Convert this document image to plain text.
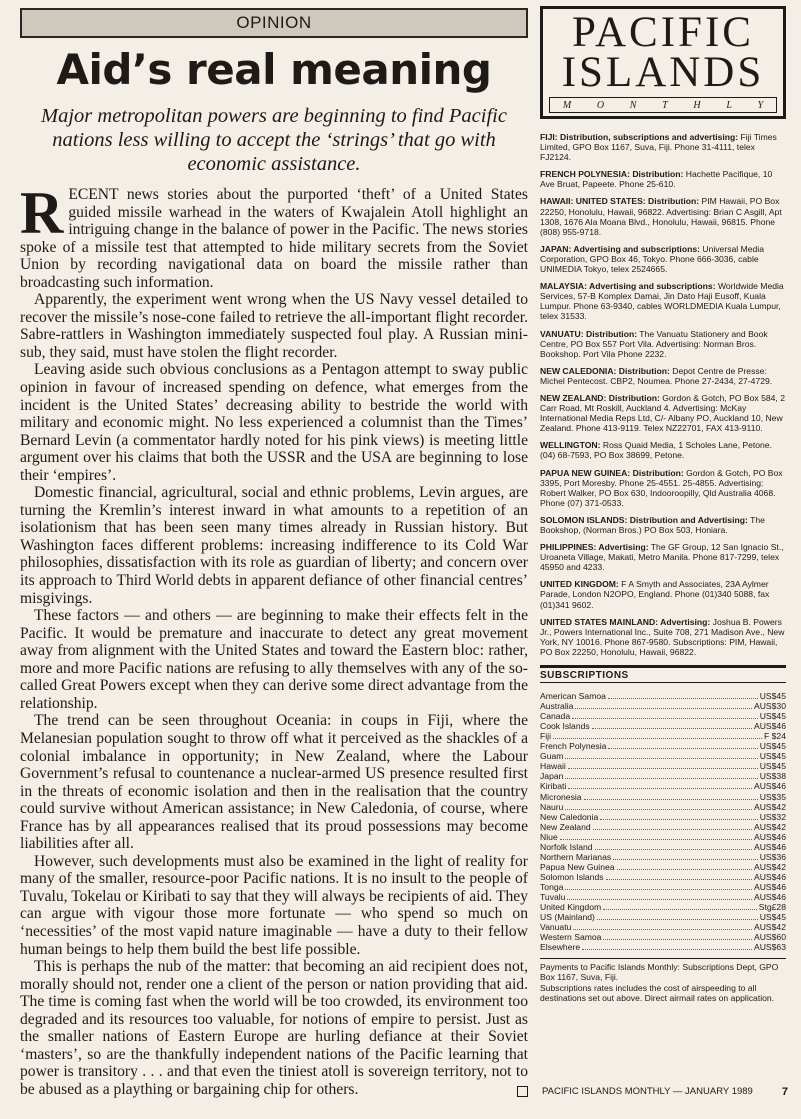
OPINION
Aid’s real meaning
Major metropolitan powers are beginning to find Pacific nations less willing to accept the ‘strings’ that go with economic assistance.

RECENT news stories about the purported ‘theft’ of a United States guided missile warhead in the waters of Kwajalein Atoll highlight an intriguing change in the balance of power in the Pacific. The news stories spoke of a missile test that attempted to hide military secrets from the Soviet Union by recording navigational data on board the missile rather than broadcasting such information.

Apparently, the experiment went wrong when the US Navy vessel detailed to recover the missile’s nose-cone failed to retrieve the all-important flight recorder. Sabre-rattlers in Washington immediately suspected foul play. A Russian mini-sub, they said, must have stolen the flight recorder.

Leaving aside such obvious conclusions as a Pentagon attempt to sway public opinion in favour of increased spending on defence, what emerges from the incident is the United States’ decreasing ability to bestride the world with military and economic might. No less experienced a columnist than the Times’ Bernard Levin (a commentator hardly noted for his pink views) is meeting little argument over his claims that both the USSR and the USA are beginning to lose their ‘empires’.

Domestic financial, agricultural, social and ethnic problems, Levin argues, are turning the Kremlin’s interest inward in what amounts to a repetition of an isolationism that has been seen many times already in Russian history. But Washington faces different problems: increasing indifference to its Cold War philosophies, dissatisfaction with its role as guardian of liberty; and concern over its approach to Third World debts in apparent defiance of other financial centres’ misgivings.

These factors — and others — are beginning to make their effects felt in the Pacific. It would be premature and inaccurate to detect any great movement away from alignment with the United States and toward the Eastern bloc: rather, more and more Pacific nations are refusing to ally themselves with any of the so-called Great Powers except when they can derive some direct advantage from the relationship.

The trend can be seen throughout Oceania: in coups in Fiji, where the Melanesian population sought to throw off what it perceived as the shackles of a colonial imbalance in opportunity; in New Zealand, where the Labour Government’s refusal to countenance a nuclear-armed US presence resulted first in the threats of economic isolation and then in the realisation that the country could survive without American assistance; in New Caledonia, of course, where France has by all appearances realised that its proud possessions may become liabilities after all.

However, such developments must also be examined in the light of reality for many of the smaller, resource-poor Pacific nations. It is no insult to the people of Tuvalu, Tokelau or Kiribati to say that they will always be recipients of aid. They can argue with vigour those more fortunate — who spend so much on ‘necessities’ of the most vapid nature imaginable — have a duty to their fellow human beings to help them build the best life possible.

This is perhaps the nub of the matter: that becoming an aid recipient does not, morally should not, render one a client of the person or nation providing that aid. The time is coming fast when the world will be too crowded, its environment too degraded and its resources too valuable, for notions of empire to persist. Just as the smaller nations of Eastern Europe are hurling defiance at their Soviet ‘masters’, so are the thankfully independent nations of the Pacific learning that power is transitory . . . and that even the tiniest atoll is sovereign territory, not to be abused as a plaything or bargaining chip for others.

PACIFIC
ISLANDS
M	O	N	T	H	L	Y
FIJI: Distribution, subscriptions and advertising: Fiji Times Limited, GPO Box 1167, Suva, Fiji. Phone 31-4111, telex FJ2124.
FRENCH POLYNESIA: Distribution: Hachette Pacifique, 10 Ave Bruat, Papeete. Phone 25-610.
HAWAII: UNITED STATES: Distribution: PIM Hawaii, PO Box 22250, Honolulu, Hawaii, 96822. Advertising: Brian C Asgill, Apt 1308, 1676 Ala Moana Blvd., Honolulu, Hawaii, 96815. Phone (808) 955-9718.
JAPAN: Advertising and subscriptions: Universal Media Corporation, GPO Box 46, Tokyo. Phone 666-3036, cable UNIMEDIA Tokyo, telex 2524665.
MALAYSIA: Advertising and subscriptions: Worldwide Media Services, 57-B Komplex Damai, Jin Dato Haji Eusoff, Kuala Lumpur. Phone 63-9340, cables WORLDMEDIA Kuala Lumpur, telex 31533.
VANUATU: Distribution: The Vanuatu Stationery and Book Centre, PO Box 557 Port Vila. Advertising: Norman Bros. Bookshop. Port Vila Phone 2232.
NEW CALEDONIA: Distribution: Depot Centre de Presse: Michel Pentecost. CBP2, Noumea. Phone 27-2434, 27-4729.
NEW ZEALAND: Distribution: Gordon & Gotch, PO Box 584, 2 Carr Road, Mt Roskill, Auckland 4. Advertising: McKay International Media Reps Ltd, C/- Albany PO, Auckland 10, New Zealand. Phone 413-9119. Telex NZ22701, FAX 413-9110.
WELLINGTON: Ross Quaid Media, 1 Scholes Lane, Petone. (04) 68-7593, PO Box 38699, Petone.
PAPUA NEW GUINEA: Distribution: Gordon & Gotch, PO Box 3395, Port Moresby. Phone 25-4551. 25-4855. Advertising: Robert Walker, PO Box 630, Indooroopilly, Qld Australia 4068. Phone (07) 371-0533.
SOLOMON ISLANDS: Distribution and Advertising: The Bookshop, (Norman Bros.) PO Box 503, Honiara.
PHILIPPINES: Advertising: The GF Group, 12 San Ignacio St., Uroaneta Village, Makati, Metro Manila. Phone 817-7299, telex 45950 and 4233.
UNITED KINGDOM: F A Smyth and Associates, 23A Aylmer Parade, London N2OPO, England. Phone (01)340 5088, fax (01)341 9602.
UNITED STATES MAINLAND: Advertising: Joshua B. Powers Jr., Powers International Inc., Suite 708, 271 Madison Ave., New York, NY 10016. Phone 867-9580. Subscriptions: PIM, Hawaii, PO Box 22250, Honolulu, Hawaii, 96822.
SUBSCRIPTIONS
American Samoa	US$45
Australia	AUS$30
Canada	US$45
Cook Islands	AUS$46
Fiji	F $24
French Polynesia	US$45
Guam	US$45
Hawaii	US$45
Japan	US$38
Kiribati	AUS$46
Micronesia	US$35
Nauru	AUS$42
New Caledonia	US$32
New Zealand	AUS$42
Niue	AUS$46
Norfolk Island	AUS$46
Northern Marianas	US$36
Papua New Guinea	AUS$42
Solomon Islands	AUS$46
Tonga	AUS$46
Tuvalu	AUS$46
United Kingdom	Stg£28
US (Mainland)	US$45
Vanuatu	AUS$42
Western Samoa	AUS$60
Elsewhere	AUS$63
Payments to Pacific Islands Monthly: Subscriptions Dept, GPO Box 1167, Suva, Fiji.
Subscriptions rates includes the cost of airspeeding to all destinations set out above. Direct airmail rates on application.
PACIFIC ISLANDS MONTHLY — JANUARY 1989	7
